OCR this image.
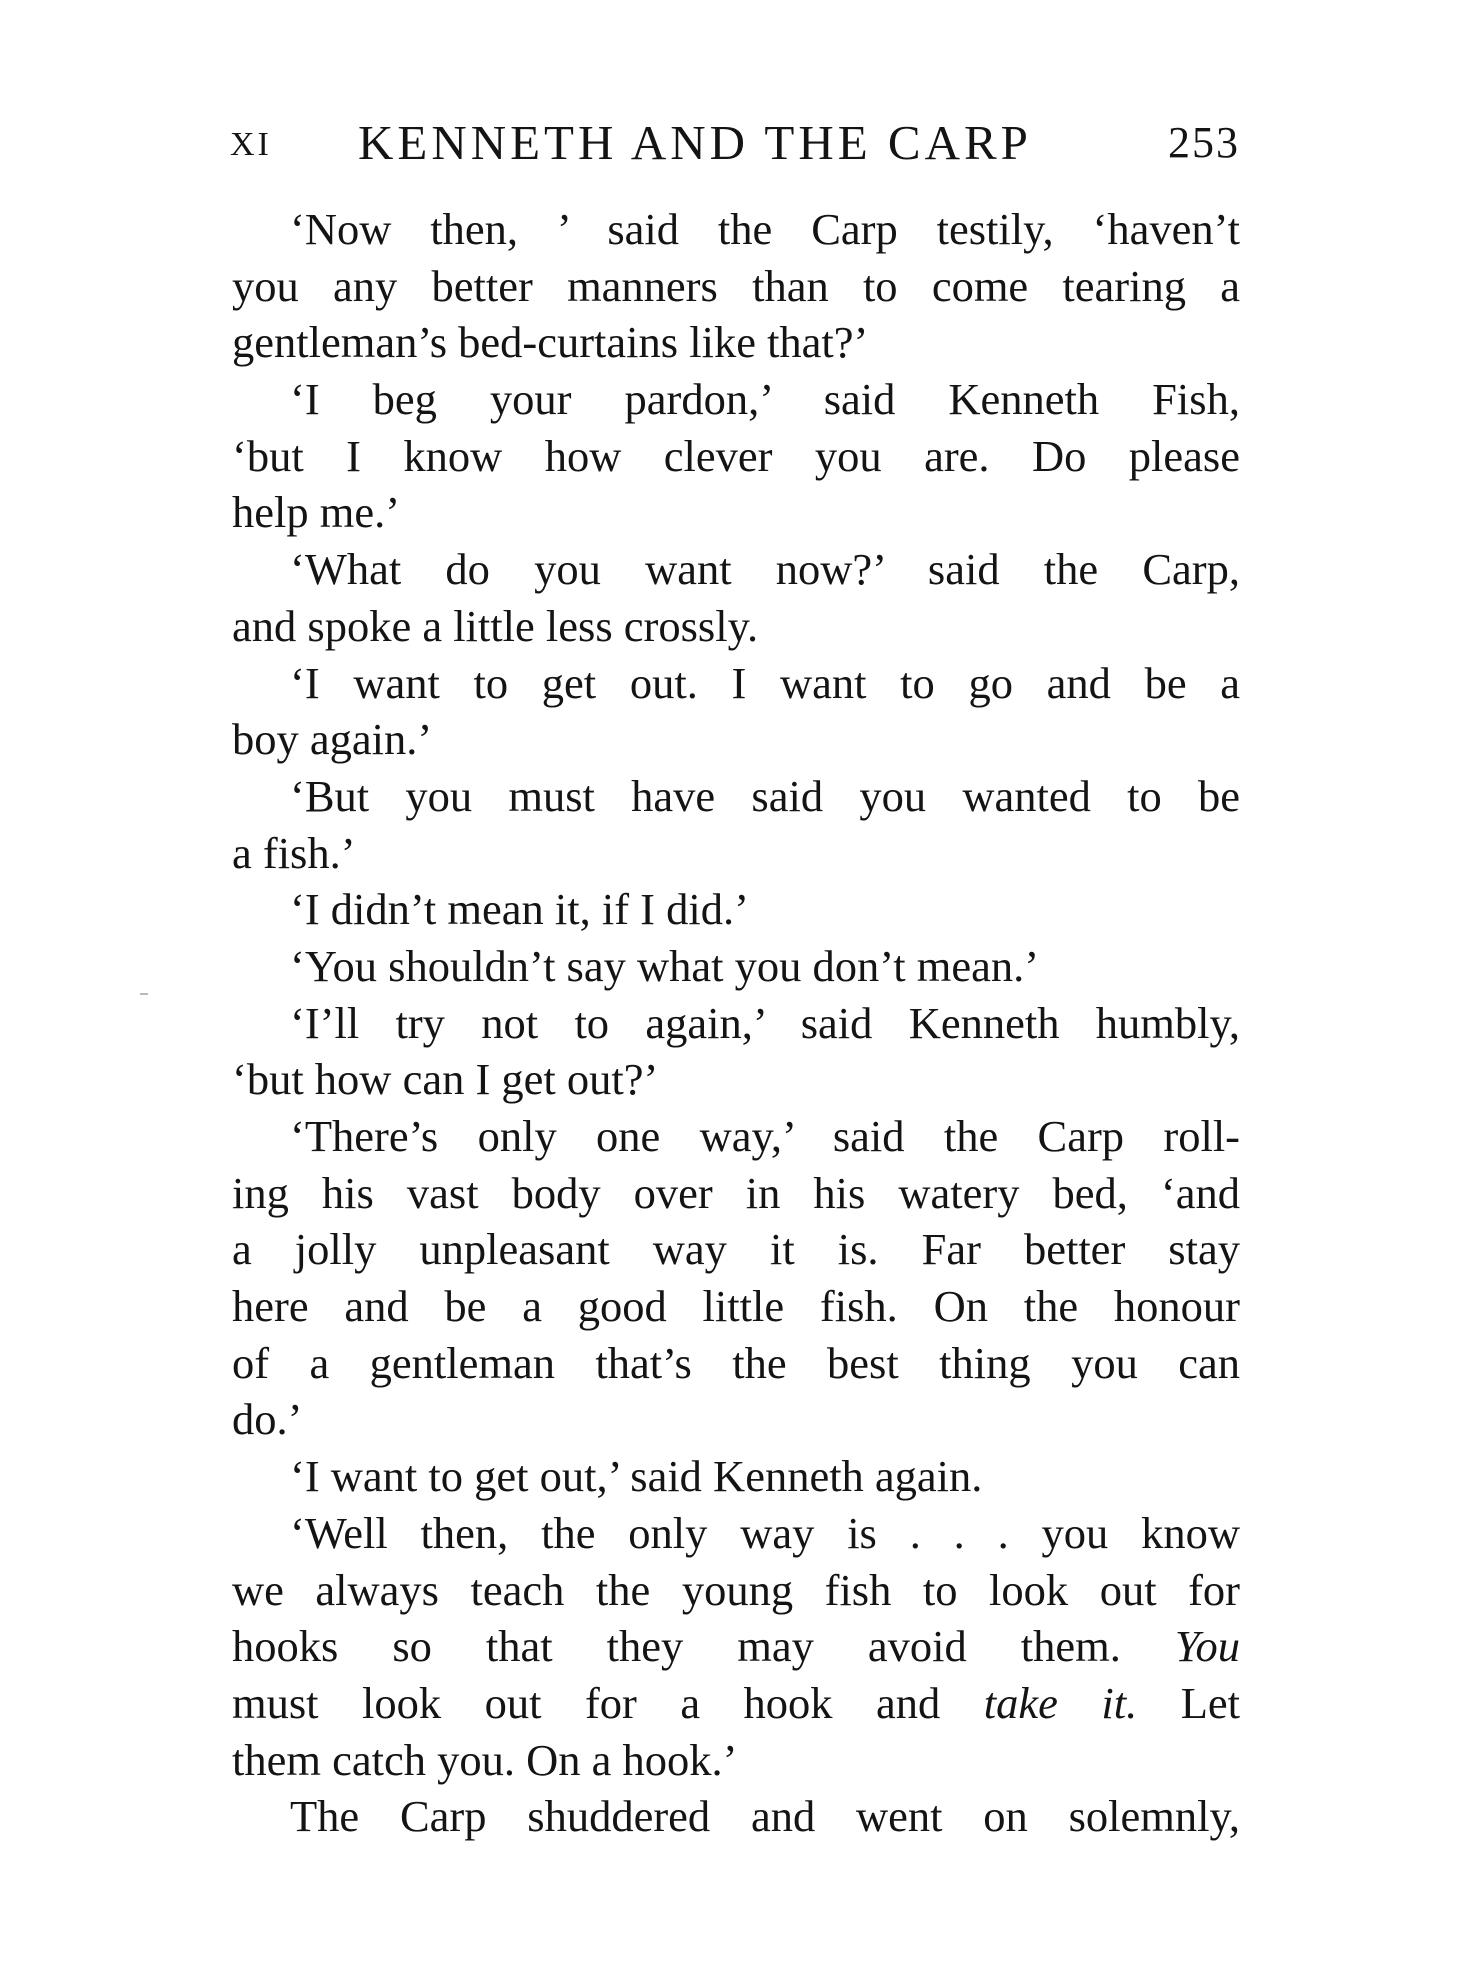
XI KENNETH AND THE CARP	253
‘Now then, ’ said the Carp testily, ‘haven’t
you any better manners than to come tearing a
gentleman’s bed-curtains like that?’
‘I beg your pardon,’ said Kenneth Fish,
‘but I know how clever you are. Do please
help me.’
‘What do you want now?’ said the Carp,
and spoke a little less crossly.
‘I want to get out. I want to go and be a
boy again.’
‘But you must have said you wanted to be
a fish.’
‘I didn’t mean it, if I did.’
‘You shouldn’t say what you don’t mean.’
‘I’ll try not to again,’ said Kenneth humbly,
‘but how can I get out?’
‘There’s only one way,’ said the Carp roll-
ing his vast body over in his watery bed, ‘and
a jolly unpleasant way it is. Far better stay
here and be a good little fish. On the honour
of a gentleman that’s the best thing you can
do.’
‘I want to get out,’ said Kenneth again.
‘Well then, the only way is . . . you know
we always teach the young fish to look out for
hooks so that they may avoid them. You
must look out for a hook and take it. Let
them catch you. On a hook.’
The Carp shuddered and went on solemnly,
